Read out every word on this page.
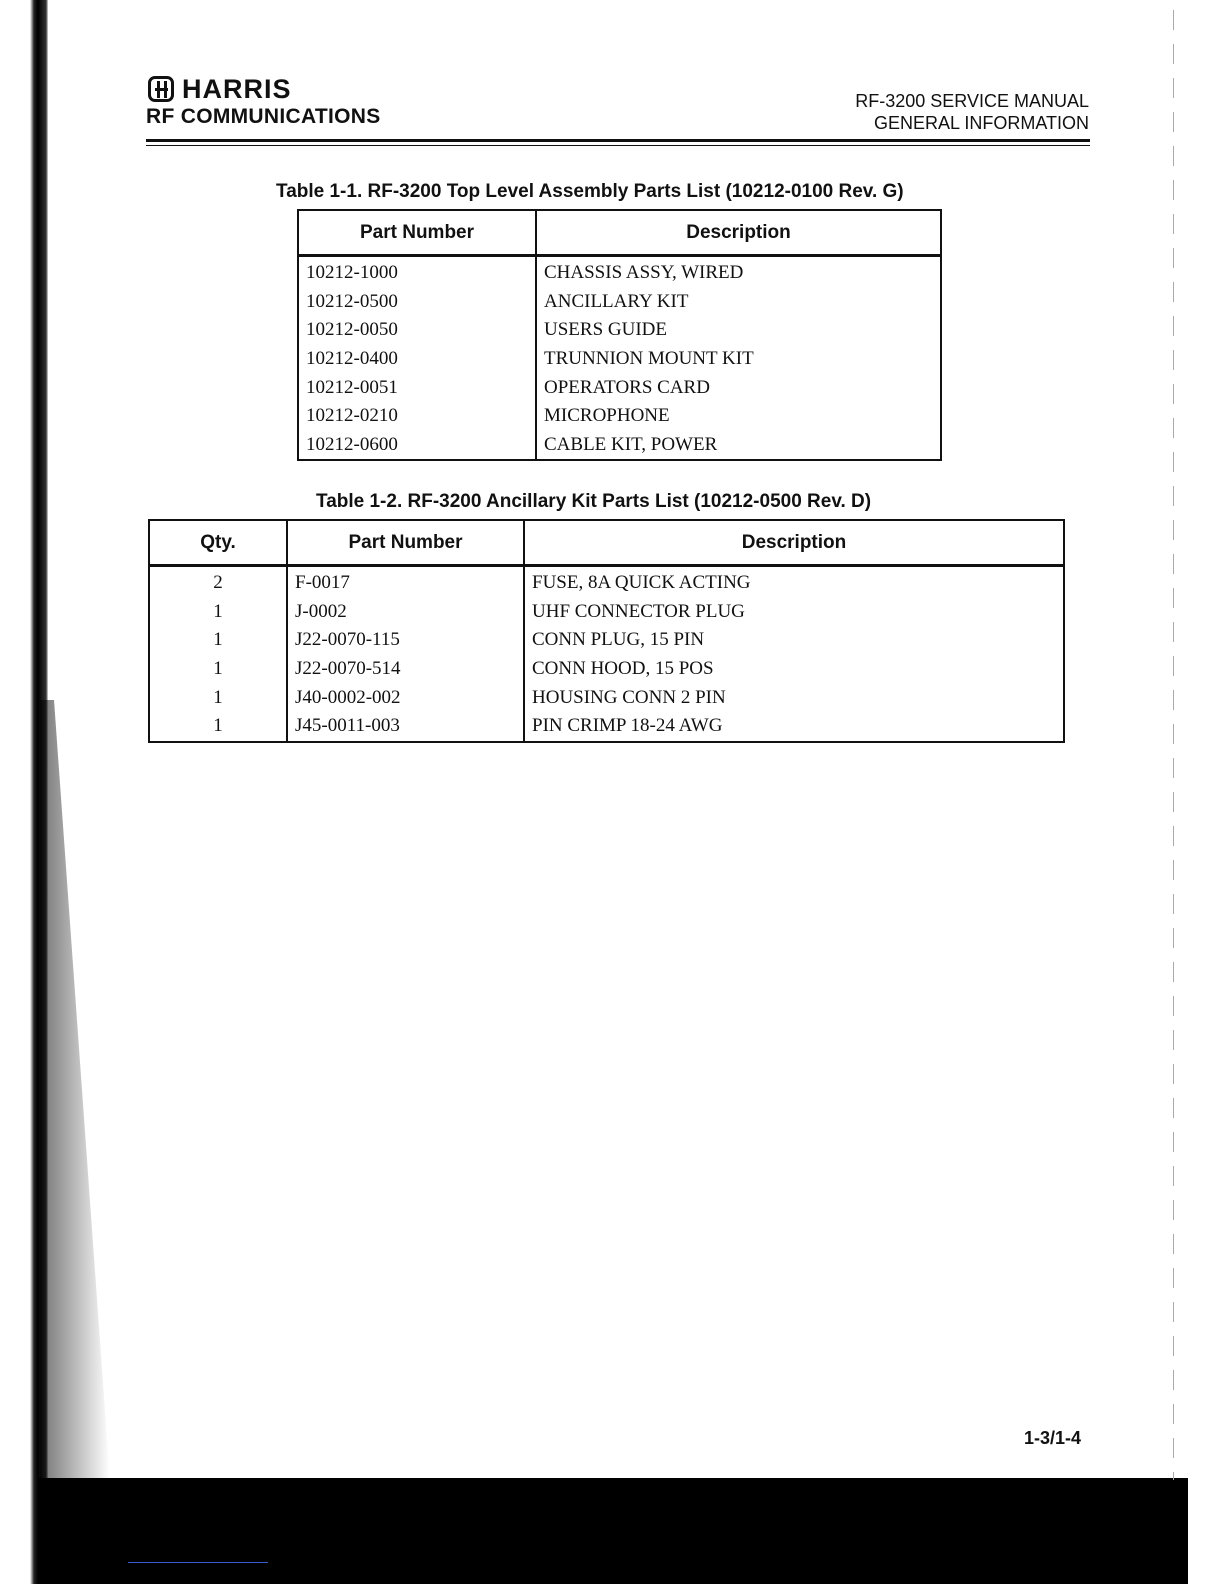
HARRIS
RF COMMUNICATIONS
RF-3200 SERVICE MANUAL
GENERAL INFORMATION
Table 1-1. RF-3200 Top Level Assembly Parts List (10212-0100 Rev. G)
Part Number	Description
10212-1000	CHASSIS ASSY, WIRED
10212-0500	ANCILLARY KIT
10212-0050	USERS GUIDE
10212-0400	TRUNNION MOUNT KIT
10212-0051	OPERATORS CARD
10212-0210	MICROPHONE
10212-0600	CABLE KIT, POWER
Table 1-2. RF-3200 Ancillary Kit Parts List (10212-0500 Rev. D)
Qty.	Part Number	Description
2	F-0017	FUSE, 8A QUICK ACTING
1	J-0002	UHF CONNECTOR PLUG
1	J22-0070-115	CONN PLUG, 15 PIN
1	J22-0070-514	CONN HOOD, 15 POS
1	J40-0002-002	HOUSING CONN 2 PIN
1	J45-0011-003	PIN CRIMP 18-24 AWG
1-3/1-4
